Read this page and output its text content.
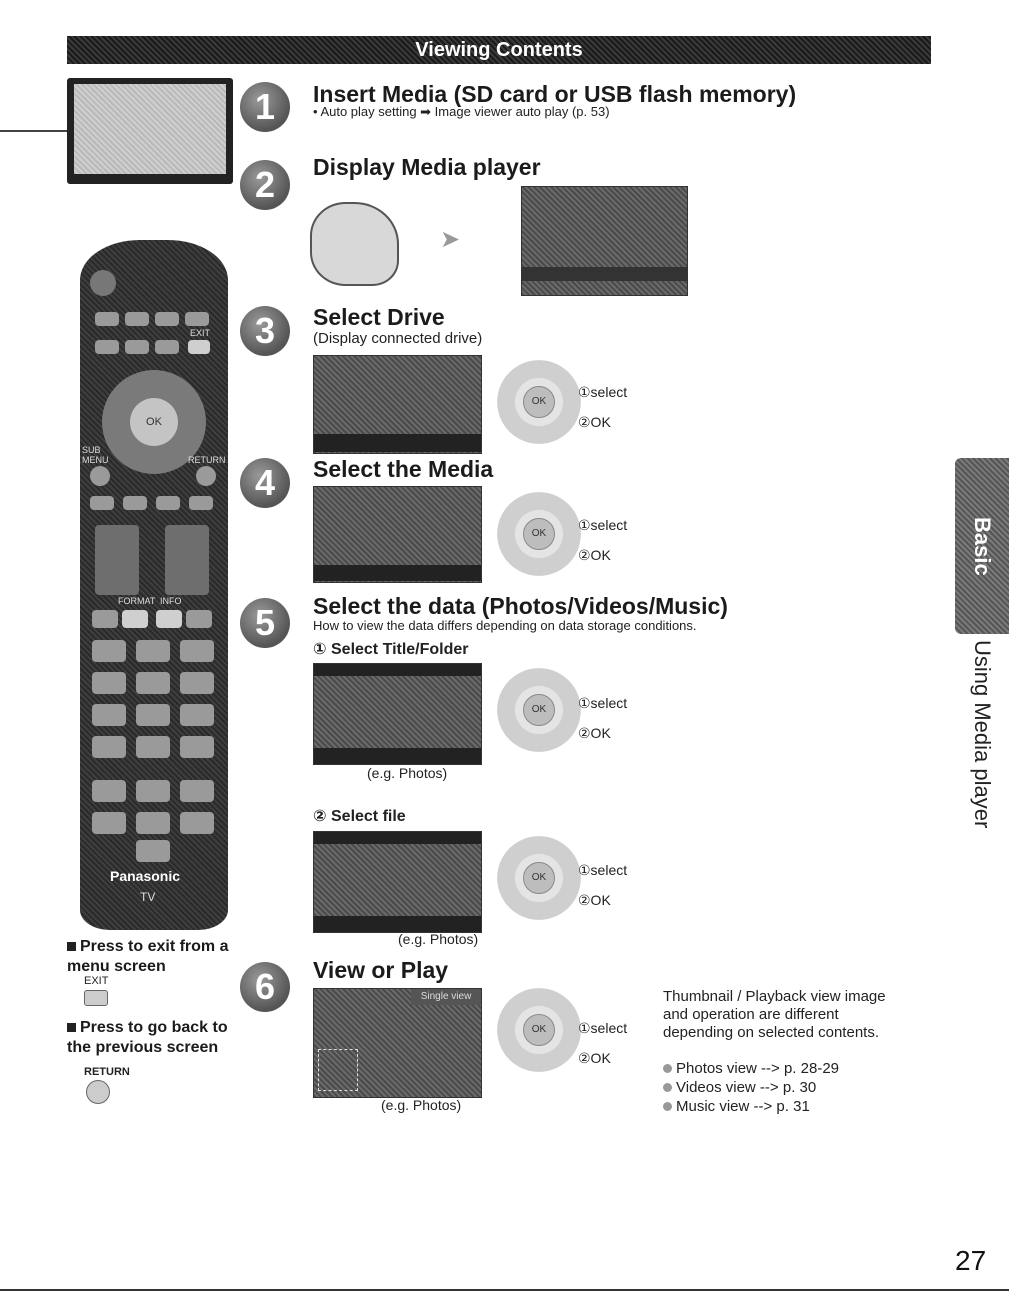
Viewing Contents
EXIT
OK
SUB MENU	RETURN
FORMAT INFO
Panasonic
TV
Press to exit from a menu screen
EXIT
Press to go back to the previous screen
RETURN
1	Insert Media (SD card or USB flash memory)
• Auto play setting ➡ Image viewer auto play (p. 53)
2	Display Media player
➤
3	Select Drive
(Display connected drive)
OK
①select
②OK
4	Select the Media
OK
①select
②OK
5	Select the data (Photos/Videos/Music)
How to view the data differs depending on data storage conditions.
① Select Title/Folder
(e.g. Photos)
OK	①select
②OK
② Select file
(e.g. Photos)
OK	①select
②OK
6	View or Play
Single view
(e.g. Photos)
OK	①select
②OK
Thumbnail / Playback view image and operation are different depending on selected contents.
Photos view --> p. 28-29
Videos view --> p. 30
Music view --> p. 31
Basic
Using Media player
27
